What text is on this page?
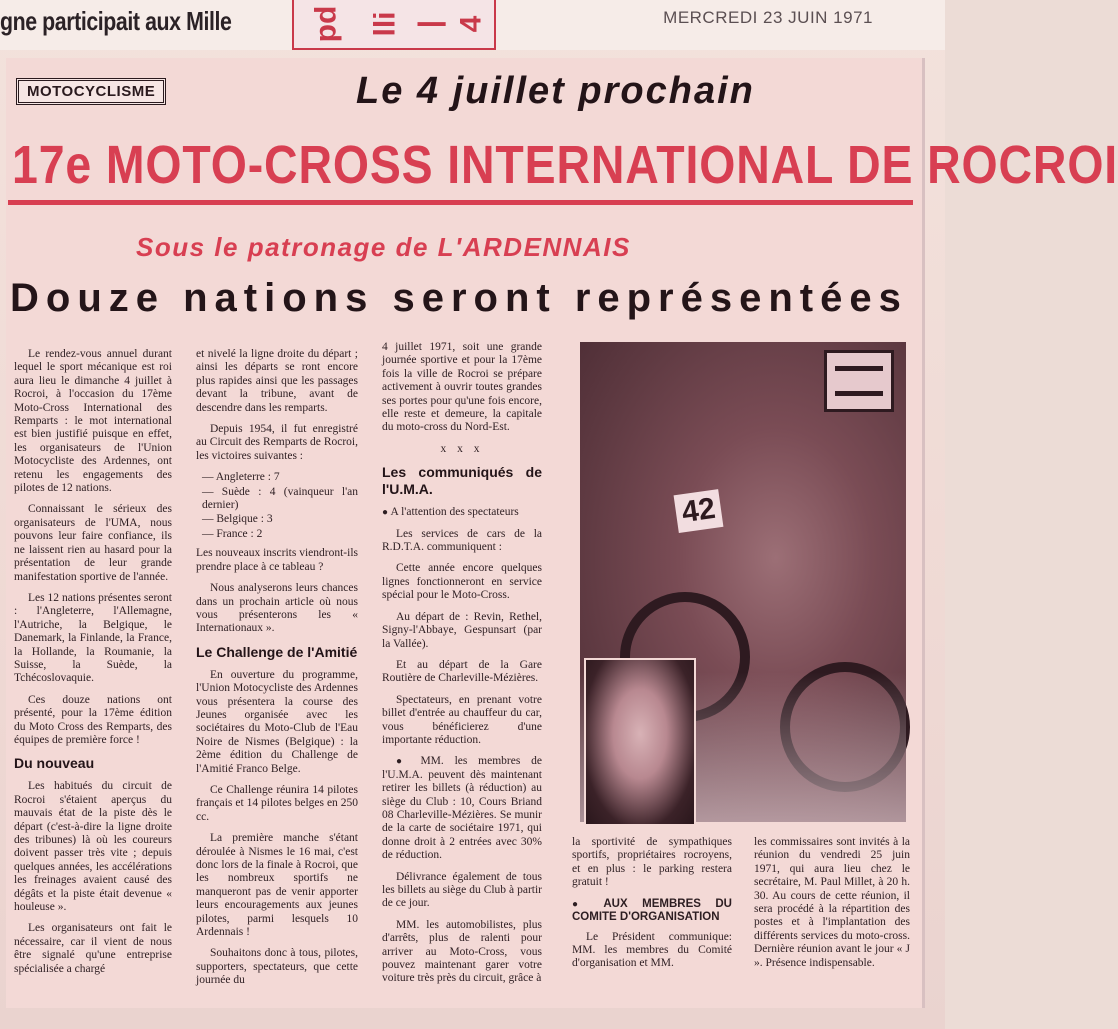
gne participait aux Mille	pd lli | 4	MERCREDI 23 JUIN 1971
MOTOCYCLISME	Le 4 juillet prochain
17e MOTO-CROSS INTERNATIONAL DE ROCROI
Sous le patronage de L'ARDENNAIS
Douze nations seront représentées

Le rendez-vous annuel durant lequel le sport mécanique est roi aura lieu le dimanche 4 juillet à Rocroi, à l'occasion du 17ème Moto-Cross International des Remparts : le mot international est bien justifié puisque en effet, les organisateurs de l'Union Motocycliste des Ardennes, ont retenu les engagements des pilotes de 12 nations.

Connaissant le sérieux des organisateurs de l'UMA, nous pouvons leur faire confiance, ils ne laissent rien au hasard pour la présentation de leur grande manifestation sportive de l'année.

Les 12 nations présentes seront : l'Angleterre, l'Allemagne, l'Autriche, la Belgique, le Danemark, la Finlande, la France, la Hollande, la Roumanie, la Suisse, la Suède, la Tchécoslovaquie.

Ces douze nations ont présenté, pour la 17ème édition du Moto Cross des Remparts, des équipes de première force !

Du nouveau

Les habitués du circuit de Rocroi s'étaient aperçus du mauvais état de la piste dès le départ (c'est-à-dire la ligne droite des tribunes) là où les coureurs doivent passer très vite ; depuis quelques années, les accélérations les freinages avaient causé des dégâts et la piste était devenue « houleuse ».

Les organisateurs ont fait le nécessaire, car il vient de nous être signalé qu'une entreprise spécialisée a chargé

et nivelé la ligne droite du départ ; ainsi les départs se ront encore plus rapides ainsi que les passages devant la tribune, avant de descendre dans les remparts.

Depuis 1954, il fut enregistré au Circuit des Remparts de Rocroi, les victoires suivantes :

— Angleterre : 7
— Suède : 4 (vainqueur l'an dernier)
— Belgique : 3
— France : 2

Les nouveaux inscrits viendront-ils prendre place à ce tableau ?

Nous analyserons leurs chances dans un prochain article où nous vous présenterons les « Internationaux ».

Le Challenge de l'Amitié

En ouverture du programme, l'Union Motocycliste des Ardennes vous présentera la course des Jeunes organisée avec les sociétaires du Moto-Club de l'Eau Noire de Nismes (Belgique) : la 2ème édition du Challenge de l'Amitié Franco Belge.

Ce Challenge réunira 14 pilotes français et 14 pilotes belges en 250 cc.

La première manche s'étant déroulée à Nismes le 16 mai, c'est donc lors de la finale à Rocroi, que les nombreux sportifs ne manqueront pas de venir apporter leurs encouragements aux jeunes pilotes, parmi lesquels 10 Ardennais !

Souhaitons donc à tous, pilotes, supporters, spectateurs, que cette journée du

4 juillet 1971, soit une grande journée sportive et pour la 17ème fois la ville de Rocroi se prépare activement à ouvrir toutes grandes ses portes pour qu'une fois encore, elle reste et demeure, la capitale du moto-cross du Nord-Est.

x x x

Les communiqués de l'U.M.A.

● A l'attention des spectateurs

Les services de cars de la R.D.T.A. communiquent :

Cette année encore quelques lignes fonctionneront en service spécial pour le Moto-Cross.

Au départ de : Revin, Rethel, Signy-l'Abbaye, Gespunsart (par la Vallée).

Et au départ de la Gare Routière de Charleville-Mézières.

Spectateurs, en prenant votre billet d'entrée au chauffeur du car, vous bénéficierez d'une importante réduction.

● MM. les membres de l'U.M.A. peuvent dès maintenant retirer les billets (à réduction) au siège du Club : 10, Cours Briand 08 Charleville-Mézières. Se munir de la carte de sociétaire 1971, qui donne droit à 2 entrées avec 30% de réduction.

Délivrance également de tous les billets au siège du Club à partir de ce jour.

MM. les automobilistes, plus d'arrêts, plus de ralenti pour arriver au Moto-Cross, vous pouvez maintenant garer votre voiture très près du circuit, grâce à

42

la sportivité de sympathiques sportifs, propriétaires rocroyens, et en plus : le parking restera gratuit !

● AUX MEMBRES DU COMITE D'ORGANISATION

Le Président communique: MM. les membres du Comité d'organisation et MM.

les commissaires sont invités à la réunion du vendredi 25 juin 1971, qui aura lieu chez le secrétaire, M. Paul Millet, à 20 h. 30. Au cours de cette réunion, il sera procédé à la répartition des postes et à l'implantation des différents services du moto-cross. Dernière réunion avant le jour « J ». Présence indispensable.
